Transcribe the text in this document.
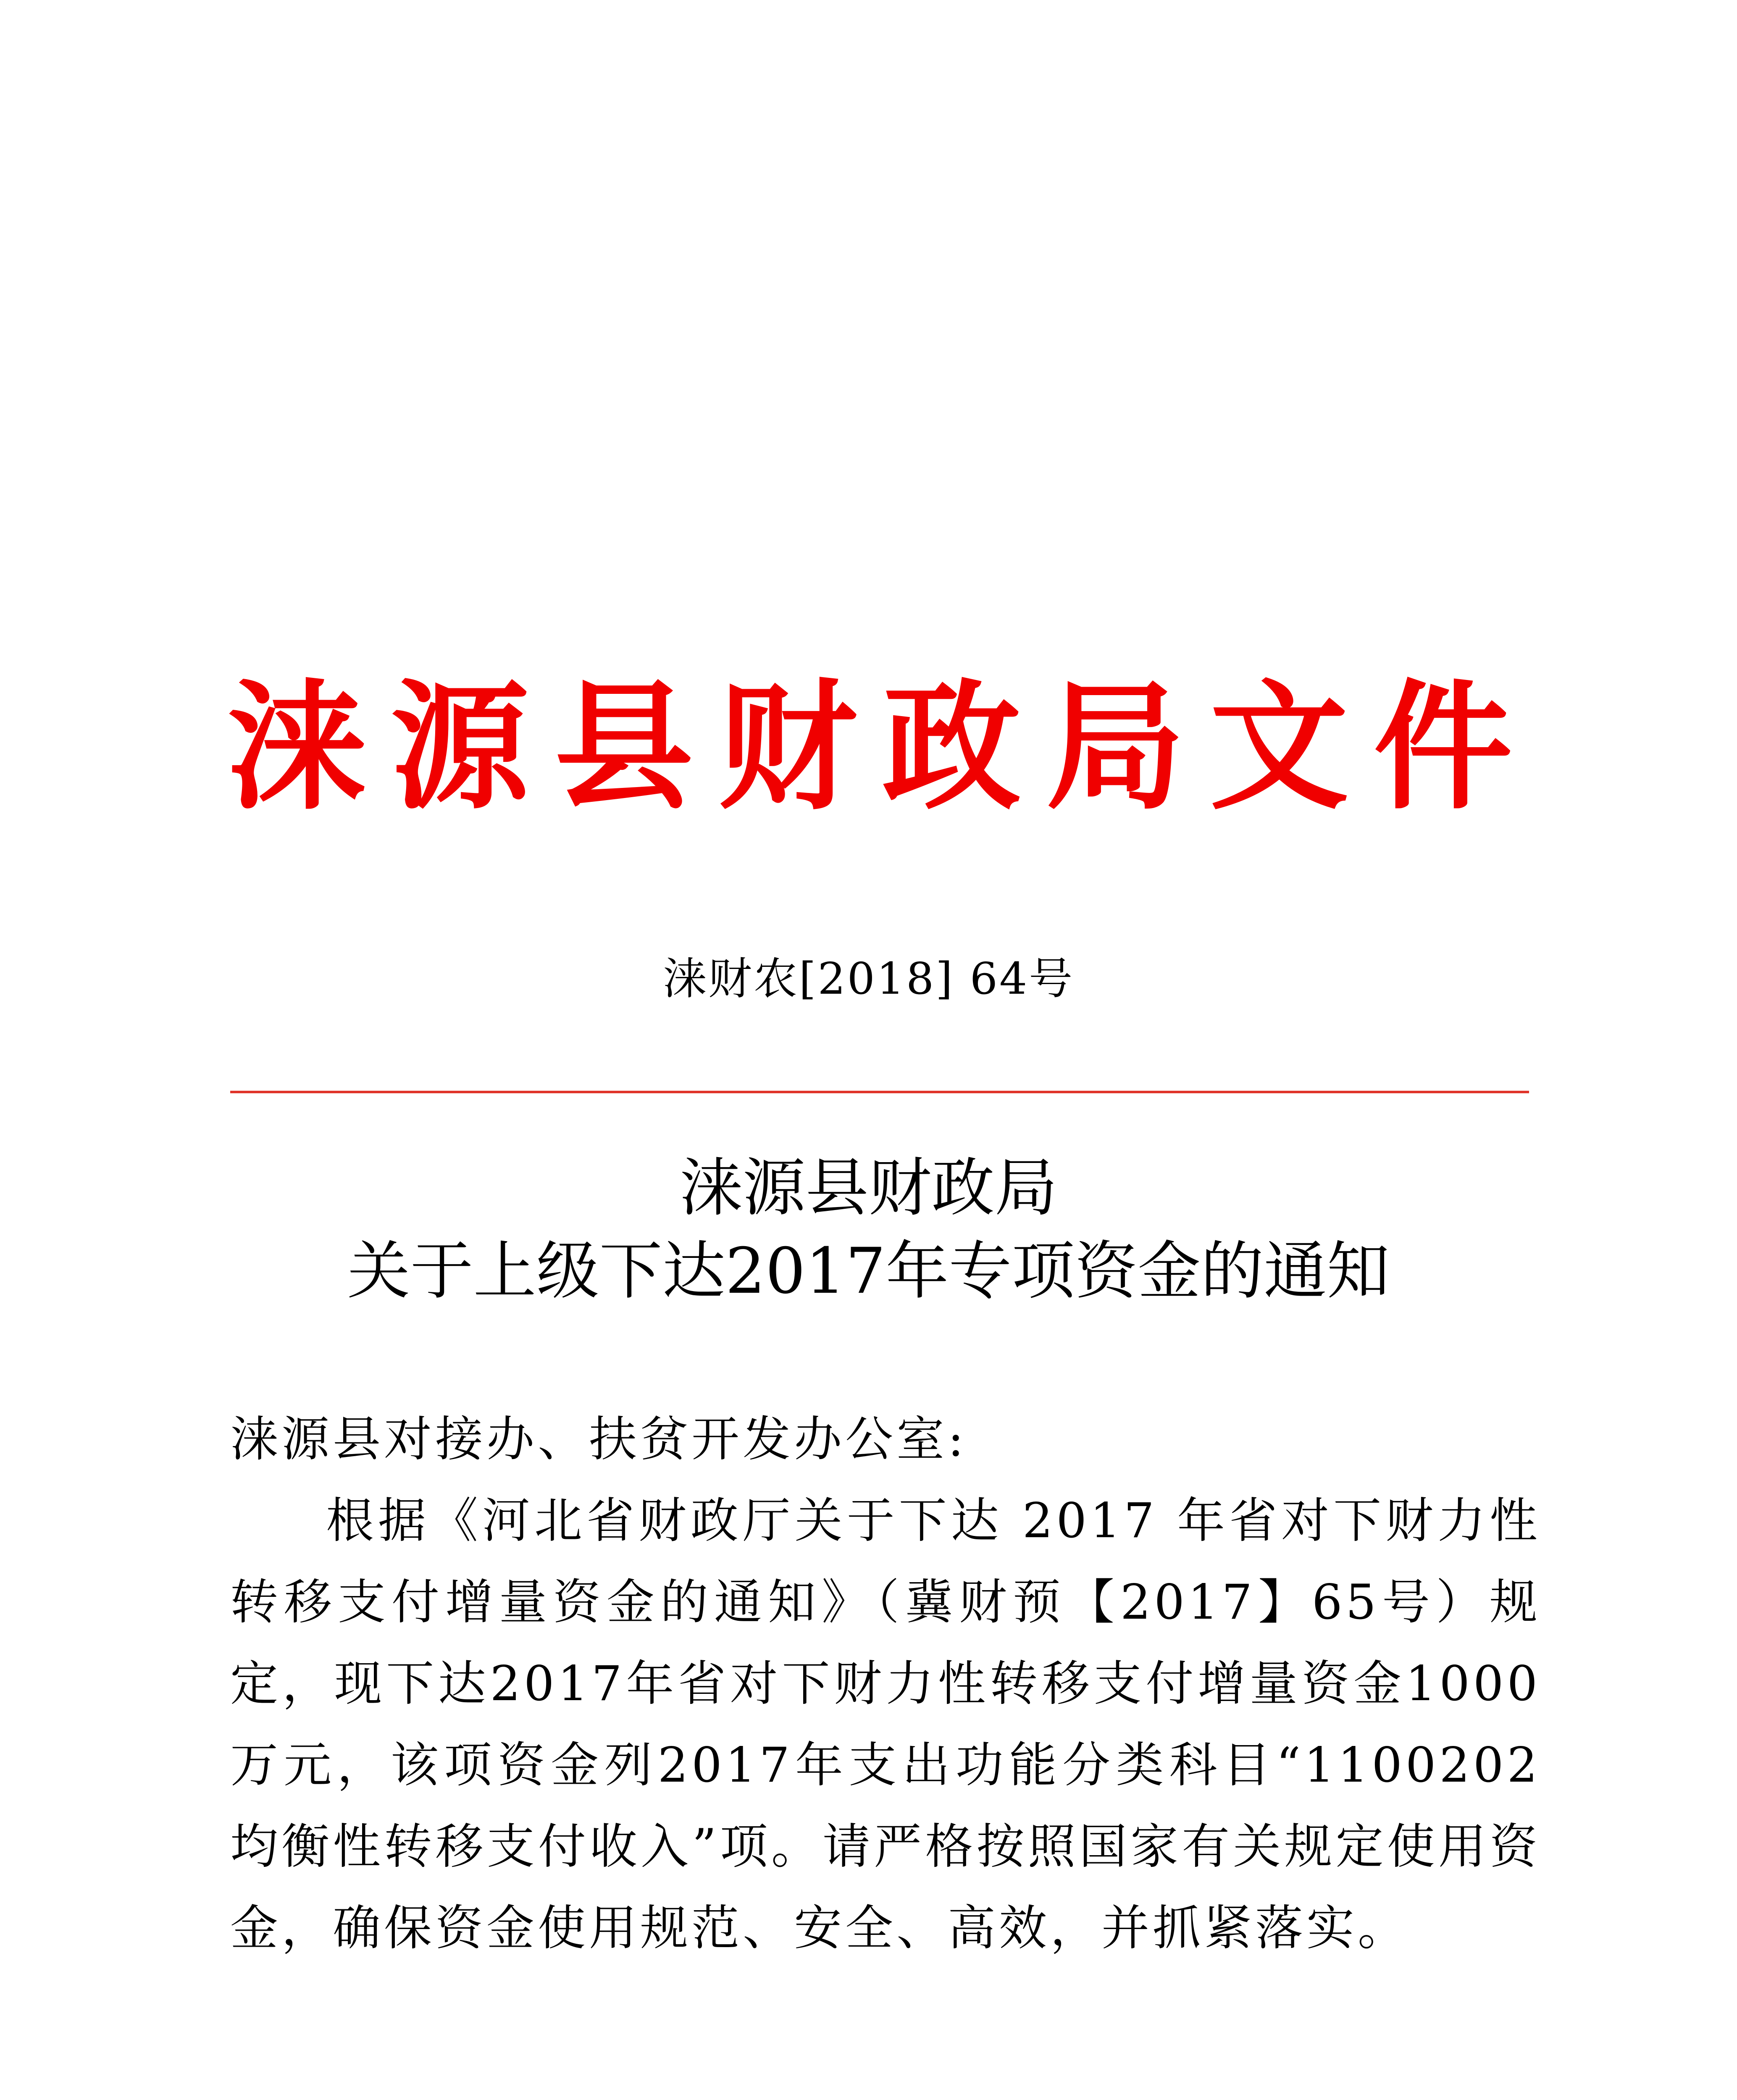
涞源县财政局文件
涞财农[2018] 64号
涞源县财政局
关于上级下达2017年专项资金的通知
涞源县对接办、扶贫开发办公室:
根据《河北省财政厅关于下达 2017 年省对下财力性转移支付增量资金的通知》（冀财预【2017】65号）规定，现下达2017年省对下财力性转移支付增量资金1000万元，该项资金列2017年支出功能分类科目“1100202 均衡性转移支付收入”项。请严格按照国家有关规定使用资金，确保资金使用规范、安全、高效，并抓紧落实。
